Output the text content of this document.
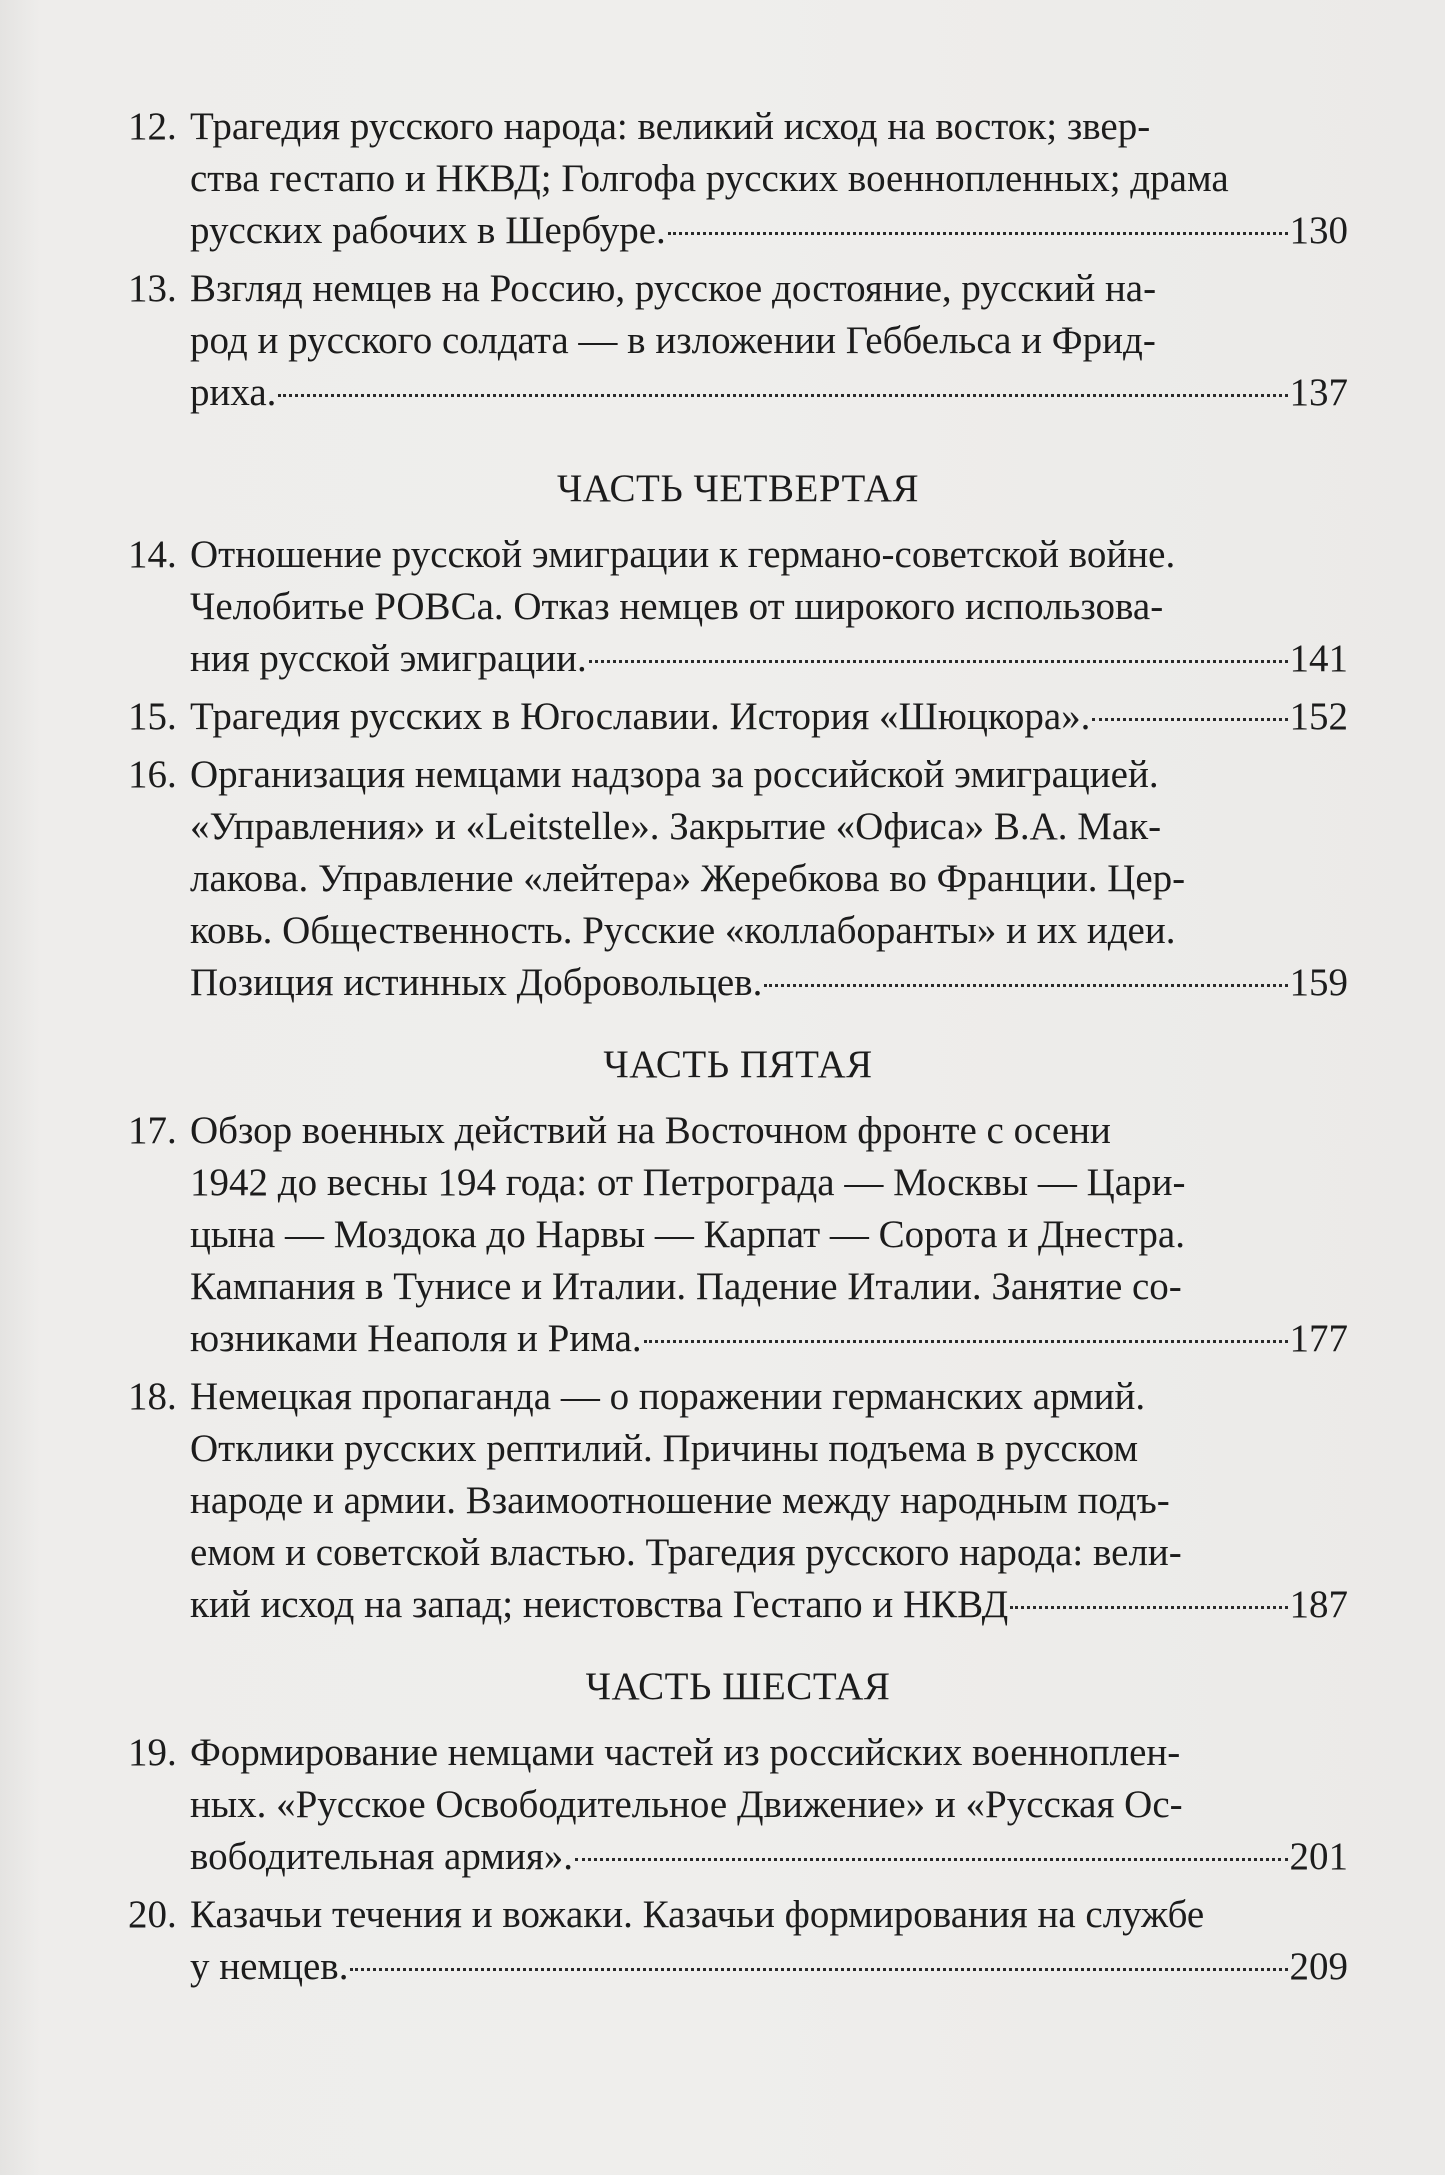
12. Трагедия русского народа: великий исход на восток; звер-
ства гестапо и НКВД; Голгофа русских военнопленных; драма
русских рабочих в Шербуре.	130
13. Взгляд немцев на Россию, русское достояние, русский на-
род и русского солдата — в изложении Геббельса и Фрид-
риха.	137
ЧАСТЬ ЧЕТВЕРТАЯ
14. Отношение русской эмиграции к германо-советской войне.
Челобитье РОВСа. Отказ немцев от широкого использова-
ния русской эмиграции.	141
15. Трагедия русских в Югославии. История «Шюцкора».	152
16. Организация немцами надзора за российской эмиграцией.
«Управления» и «Leitstelle». Закрытие «Офиса» В.А. Мак-
лакова. Управление «лейтера» Жеребкова во Франции. Цер-
ковь. Общественность. Русские «коллаборанты» и их идеи.
Позиция истинных Добровольцев.	159
ЧАСТЬ ПЯТАЯ
17. Обзор военных действий на Восточном фронте с осени
1942 до весны 194 года: от Петрограда — Москвы — Цари-
цына — Моздока до Нарвы — Карпат — Сорота и Днестра.
Кампания в Тунисе и Италии. Падение Италии. Занятие со-
юзниками Неаполя и Рима.	177
18. Немецкая пропаганда — о поражении германских армий.
Отклики русских рептилий. Причины подъема в русском
народе и армии. Взаимоотношение между народным подъ-
емом и советской властью. Трагедия русского народа: вели-
кий исход на запад; неистовства Гестапо и НКВД	187
ЧАСТЬ ШЕСТАЯ
19. Формирование немцами частей из российских военноплен-
ных. «Русское Освободительное Движение» и «Русская Ос-
вободительная армия».	201
20. Казачьи течения и вожаки. Казачьи формирования на службе
у немцев.	209
